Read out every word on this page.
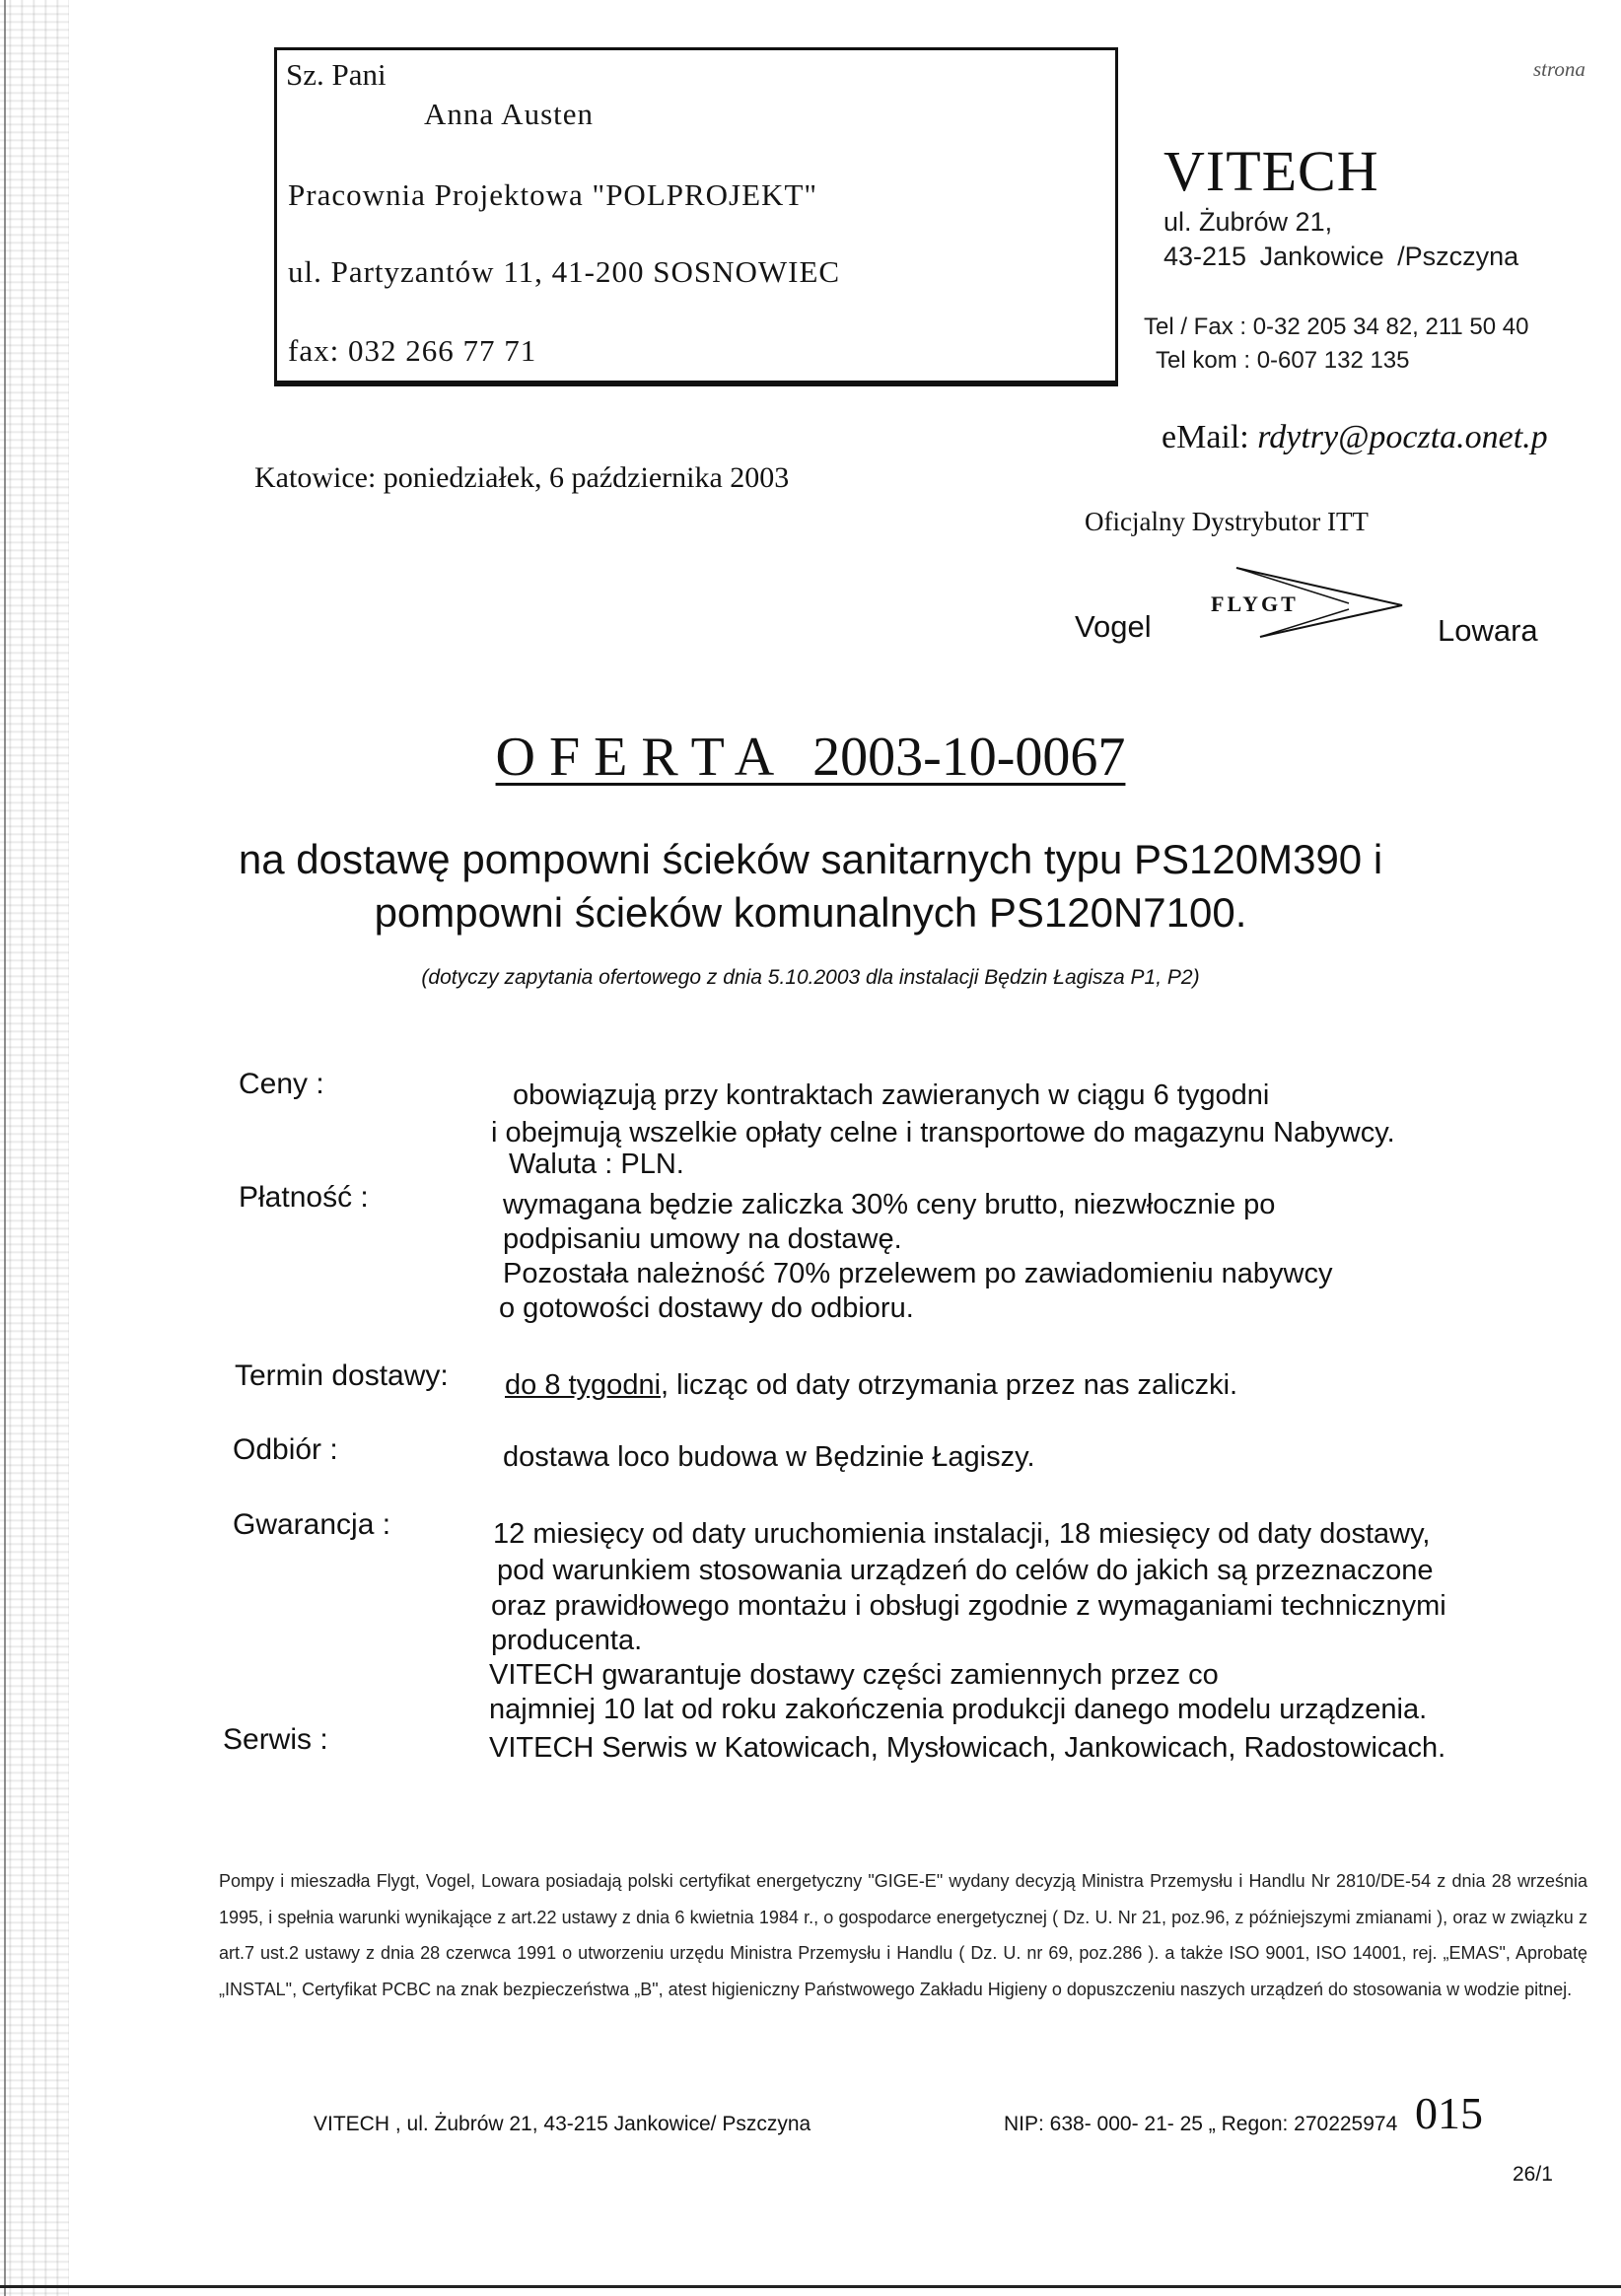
Sz. Pani
Anna Austen
Pracownia Projektowa "POLPROJEKT"
ul. Partyzantów 11, 41-200 SOSNOWIEC
fax: 032 266 77 71
strona
VITECH
ul. Żubrów 21,
43-215 Jankowice /Pszczyna
Tel / Fax : 0-32 205 34 82, 211 50 40
Tel kom : 0-607 132 135
eMail: rdytry@poczta.onet.p
Katowice: poniedziałek, 6 października 2003
Oficjalny Dystrybutor ITT
Vogel
FLYGT
Lowara
O F E R T A   2003-10-0067
na dostawę pompowni ścieków sanitarnych typu PS120M390 i
pompowni ścieków komunalnych PS120N7100.
(dotyczy zapytania ofertowego z dnia 5.10.2003 dla instalacji Będzin Łagisza P1, P2)
Ceny :	obowiązują przy kontraktach zawieranych w ciągu 6 tygodni
i obejmują wszelkie opłaty celne i transportowe do magazynu Nabywcy.
Waluta : PLN.
Płatność :	wymagana będzie zaliczka 30% ceny brutto, niezwłocznie po
podpisaniu umowy na dostawę.
Pozostała należność 70% przelewem po zawiadomieniu nabywcy
o gotowości dostawy do odbioru.
Termin dostawy: do 8 tygodni, licząc od daty otrzymania przez nas zaliczki.
Odbiór :	dostawa loco budowa w Będzinie Łagiszy.
Gwarancja :	12 miesięcy od daty uruchomienia instalacji, 18 miesięcy od daty dostawy,
pod warunkiem stosowania urządzeń do celów do jakich są przeznaczone
oraz prawidłowego montażu i obsługi zgodnie z wymaganiami technicznymi
producenta.
VITECH gwarantuje dostawy części zamiennych przez co
najmniej 10 lat od roku zakończenia produkcji danego modelu urządzenia.
Serwis :	VITECH Serwis w Katowicach, Mysłowicach, Jankowicach, Radostowicach.
Pompy i mieszadła Flygt, Vogel, Lowara posiadają polski certyfikat energetyczny "GIGE-E" wydany decyzją Ministra Przemysłu i Handlu Nr 2810/DE-54 z dnia 28 września 1995, i spełnia warunki wynikające z art.22 ustawy z dnia 6 kwietnia 1984 r., o gospodarce energetycznej ( Dz. U. Nr 21, poz.96, z późniejszymi zmianami ), oraz w związku z art.7 ust.2 ustawy z dnia 28 czerwca 1991 o utworzeniu urzędu Ministra Przemysłu i Handlu ( Dz. U. nr 69, poz.286 ). a także ISO 9001, ISO 14001, rej. „EMAS", Aprobatę „INSTAL", Certyfikat PCBC na znak bezpieczeństwa „B", atest higieniczny Państwowego Zakładu Higieny o dopuszczeniu naszych urządzeń do stosowania w wodzie pitnej.
VITECH , ul. Żubrów 21, 43-215 Jankowice/ Pszczyna	NIP: 638- 000- 21- 25 „ Regon: 270225974 015
26/1
